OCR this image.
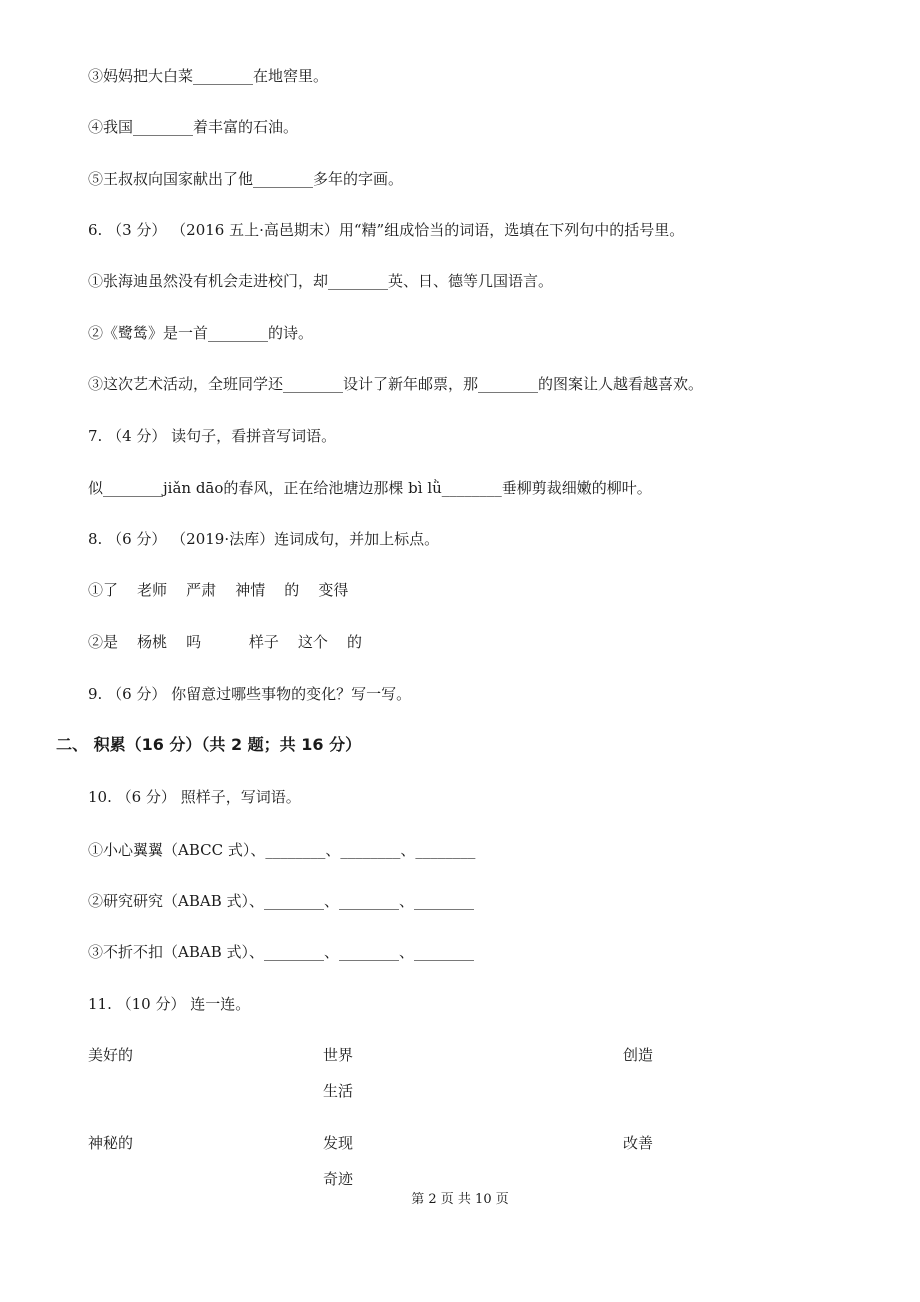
③妈妈把大白菜________在地窖里。
④我国________着丰富的石油。
⑤王叔叔向国家献出了他________多年的字画。
6. （3 分） （2016 五上·高邑期末）用“精”组成恰当的词语，选填在下列句中的括号里。
①张海迪虽然没有机会走进校门，却________英、日、德等几国语言。
②《鹭鸶》是一首________的诗。
③这次艺术活动，全班同学还________设计了新年邮票，那________的图案让人越看越喜欢。
7. （4 分） 读句子，看拼音写词语。
似________jiǎn dāo的春风，正在给池塘边那棵 bì lǜ________垂柳剪裁细嫩的柳叶。
8. （6 分） （2019·法库）连词成句，并加上标点。
①了    老师    严肃    神情    的    变得
②是    杨桃    吗          样子    这个    的
9. （6 分） 你留意过哪些事物的变化？写一写。
二、 积累（16 分）（共 2 题；共 16 分）
10. （6 分） 照样子，写词语。
①小心翼翼（ABCC 式）、________、________、________
②研究研究（ABAB 式）、________、________、________
③不折不扣（ABAB 式）、________、________、________
11. （10 分） 连一连。
美好的	世界	创造
生活
神秘的	发现	改善
奇迹
第 2 页 共 10 页
